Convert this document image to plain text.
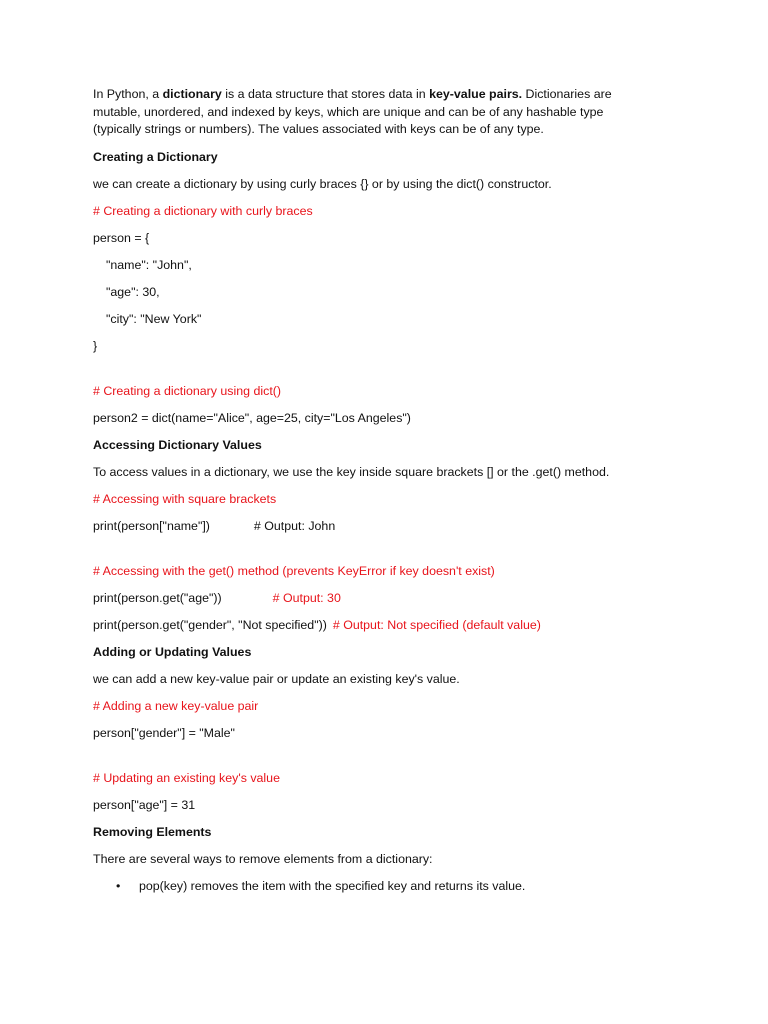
In Python, a dictionary is a data structure that stores data in key-value pairs. Dictionaries are mutable, unordered, and indexed by keys, which are unique and can be of any hashable type (typically strings or numbers). The values associated with keys can be of any type.

Creating a Dictionary
we can create a dictionary by using curly braces {} or by using the dict() constructor.
# Creating a dictionary with curly braces
person = {
"name": "John",
"age": 30,
"city": "New York"
}
# Creating a dictionary using dict()
person2 = dict(name="Alice", age=25, city="Los Angeles")
Accessing Dictionary Values
To access values in a dictionary, we use the key inside square brackets [] or the .get() method.
# Accessing with square brackets
print(person["name"])	# Output: John
# Accessing with the get() method (prevents KeyError if key doesn't exist)
print(person.get("age"))	# Output: 30
print(person.get("gender", "Not specified")) # Output: Not specified (default value)
Adding or Updating Values
we can add a new key-value pair or update an existing key's value.
# Adding a new key-value pair
person["gender"] = "Male"
# Updating an existing key's value
person["age"] = 31
Removing Elements
There are several ways to remove elements from a dictionary:
• pop(key) removes the item with the specified key and returns its value.
